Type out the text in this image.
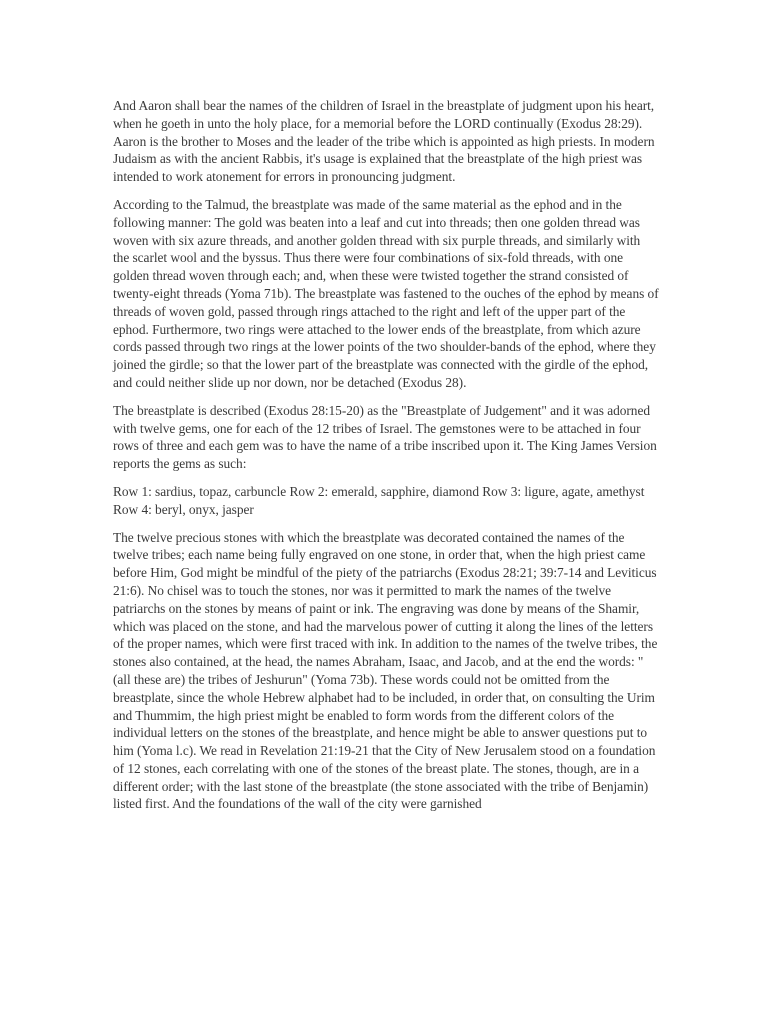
And Aaron shall bear the names of the children of Israel in the breastplate of judgment upon his heart, when he goeth in unto the holy place, for a memorial before the LORD continually (Exodus 28:29). Aaron is the brother to Moses and the leader of the tribe which is appointed as high priests. In modern Judaism as with the ancient Rabbis, it's usage is explained that the breastplate of the high priest was intended to work atonement for errors in pronouncing judgment.

According to the Talmud, the breastplate was made of the same material as the ephod and in the following manner: The gold was beaten into a leaf and cut into threads; then one golden thread was woven with six azure threads, and another golden thread with six purple threads, and similarly with the scarlet wool and the byssus. Thus there were four combinations of six-fold threads, with one golden thread woven through each; and, when these were twisted together the strand consisted of twenty-eight threads (Yoma 71b). The breastplate was fastened to the ouches of the ephod by means of threads of woven gold, passed through rings attached to the right and left of the upper part of the ephod. Furthermore, two rings were attached to the lower ends of the breastplate, from which azure cords passed through two rings at the lower points of the two shoulder-bands of the ephod, where they joined the girdle; so that the lower part of the breastplate was connected with the girdle of the ephod, and could neither slide up nor down, nor be detached (Exodus 28).

The breastplate is described (Exodus 28:15-20) as the "Breastplate of Judgement" and it was adorned with twelve gems, one for each of the 12 tribes of Israel. The gemstones were to be attached in four rows of three and each gem was to have the name of a tribe inscribed upon it. The King James Version reports the gems as such:

Row 1: sardius, topaz, carbuncle Row 2: emerald, sapphire, diamond Row 3: ligure, agate, amethyst Row 4: beryl, onyx, jasper

The twelve precious stones with which the breastplate was decorated contained the names of the twelve tribes; each name being fully engraved on one stone, in order that, when the high priest came before Him, God might be mindful of the piety of the patriarchs (Exodus 28:21; 39:7-14 and Leviticus 21:6). No chisel was to touch the stones, nor was it permitted to mark the names of the twelve patriarchs on the stones by means of paint or ink. The engraving was done by means of the Shamir, which was placed on the stone, and had the marvelous power of cutting it along the lines of the letters of the proper names, which were first traced with ink. In addition to the names of the twelve tribes, the stones also contained, at the head, the names Abraham, Isaac, and Jacob, and at the end the words: "(all these are) the tribes of Jeshurun" (Yoma 73b). These words could not be omitted from the breastplate, since the whole Hebrew alphabet had to be included, in order that, on consulting the Urim and Thummim, the high priest might be enabled to form words from the different colors of the individual letters on the stones of the breastplate, and hence might be able to answer questions put to him (Yoma l.c). We read in Revelation 21:19-21 that the City of New Jerusalem stood on a foundation of 12 stones, each correlating with one of the stones of the breast plate. The stones, though, are in a different order; with the last stone of the breastplate (the stone associated with the tribe of Benjamin) listed first. And the foundations of the wall of the city were garnished
